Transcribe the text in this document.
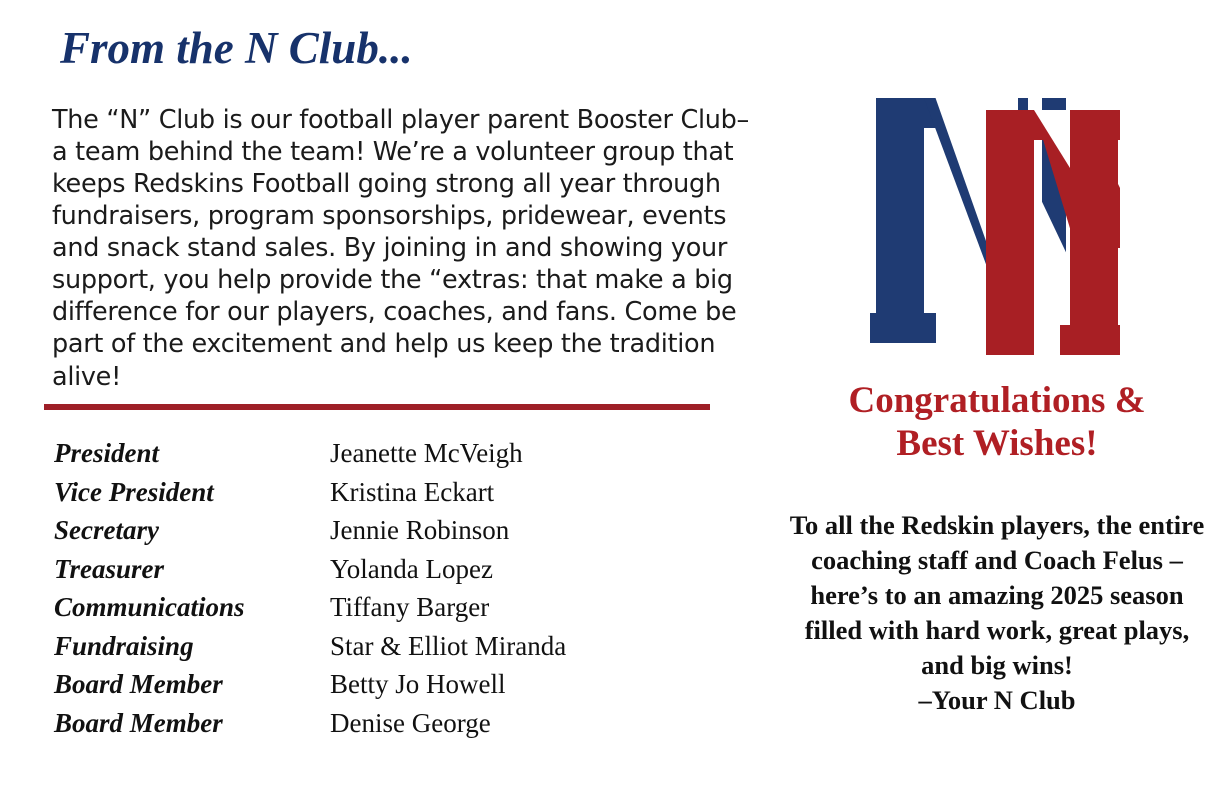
From the N Club...

The “N” Club is our football player parent Booster Club– a team behind the team! We’re a volunteer group that keeps Redskins Football going strong all year through fundraisers, program sponsorships, pridewear, events and snack stand sales. By joining in and showing your support, you help provide the “extras: that make a big difference for our players, coaches, and fans. Come be part of the excitement and help us keep the tradition alive!

President	Jeanette McVeigh
Vice President	Kristina Eckart
Secretary	Jennie Robinson
Treasurer	Yolanda Lopez
Communications	Tiffany Barger
Fundraising	Star & Elliot Miranda
Board Member	Betty Jo Howell
Board Member	Denise George
Congratulations &
Best Wishes!
To all the Redskin players, the entire coaching staff and Coach Felus – here’s to an amazing 2025 season filled with hard work, great plays, and big wins!
–Your N Club
